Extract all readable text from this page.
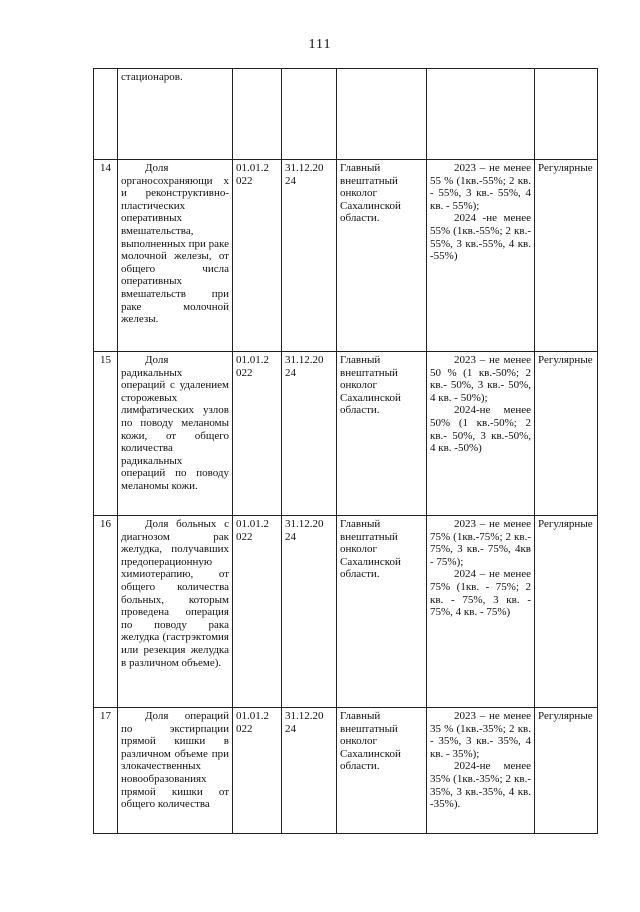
111
	стационаров.					
14	Доля органосохраняющи х и реконструктивно-пластических оперативных вмешательства, выполненных при раке молочной железы, от общего числа оперативных вмешательств при раке молочной железы.	01.01.2 022	31.12.20 24	Главный внештатный онколог Сахалинской области.	2023 – не менее 55 % (1кв.-55%; 2 кв. - 55%, 3 кв.- 55%, 4 кв. - 55%);
2024 -не менее 55% (1кв.-55%; 2 кв.- 55%, 3 кв.-55%, 4 кв. -55%)	Регулярные
15	Доля радикальных операций с удалением сторожевых лимфатических узлов по поводу меланомы кожи, от общего количества радикальных операций по поводу меланомы кожи.	01.01.2 022	31.12.20 24	Главный внештатный онколог Сахалинской области.	2023 – не менее 50 % (1 кв.-50%; 2 кв.- 50%, 3 кв.- 50%, 4 кв. - 50%);
2024-не менее 50% (1 кв.-50%; 2 кв.- 50%, 3 кв.-50%, 4 кв. -50%)	Регулярные
16	Доля больных с диагнозом рак желудка, получавших предоперационную химиотерапию, от общего количества больных, которым проведена операция по поводу рака желудка (гастрэктомия или резекция желудка в различном объеме).	01.01.2 022	31.12.20 24	Главный внештатный онколог Сахалинской области.	2023 – не менее 75% (1кв.-75%; 2 кв.- 75%, 3 кв.- 75%, 4кв - 75%);
2024 – не менее 75% (1кв. - 75%; 2 кв. - 75%, 3 кв. - 75%, 4 кв. - 75%)	Регулярные
17	Доля операций по экстирпации прямой кишки в различном объеме при злокачественных новообразованиях прямой кишки от общего количества	01.01.2 022	31.12.20 24	Главный внештатный онколог Сахалинской области.	2023 – не менее 35 % (1кв.-35%; 2 кв. - 35%, 3 кв.- 35%, 4 кв. - 35%);
2024-не менее 35% (1кв.-35%; 2 кв.- 35%, 3 кв.-35%, 4 кв. -35%).	Регулярные
